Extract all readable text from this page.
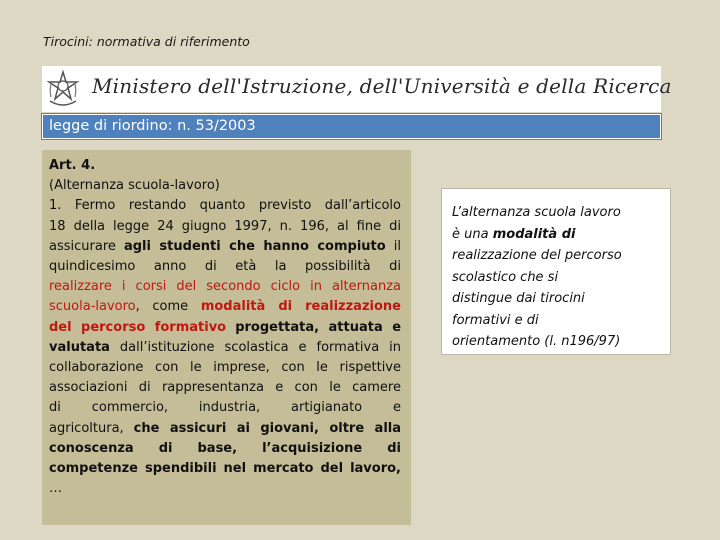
Tirocini: normativa di riferimento
Ministero dell'Istruzione, dell'Università e della Ricerca
legge di riordino: n. 53/2003
Art. 4.
(Alternanza scuola-lavoro)
1. Fermo restando quanto previsto dall’articolo
18 della legge 24 giugno 1997, n. 196, al fine di
assicurare agli studenti che hanno compiuto il
quindicesimo anno di età la possibilità di
realizzare i corsi del secondo ciclo in alternanza
scuola-lavoro, come modalità di realizzazione
del percorso formativo progettata, attuata e
valutata dall’istituzione scolastica e formativa in
collaborazione con le imprese, con le rispettive
associazioni di rappresentanza e con le camere
di commercio, industria, artigianato e
agricoltura, che assicuri ai giovani, oltre alla
conoscenza di base, l’acquisizione di
competenze spendibili nel mercato del lavoro,
…
L’alternanza scuola lavoro
è una modalità di
realizzazione del percorso
scolastico che si
distingue dai tirocini
formativi e di
orientamento (l. n196/97)
